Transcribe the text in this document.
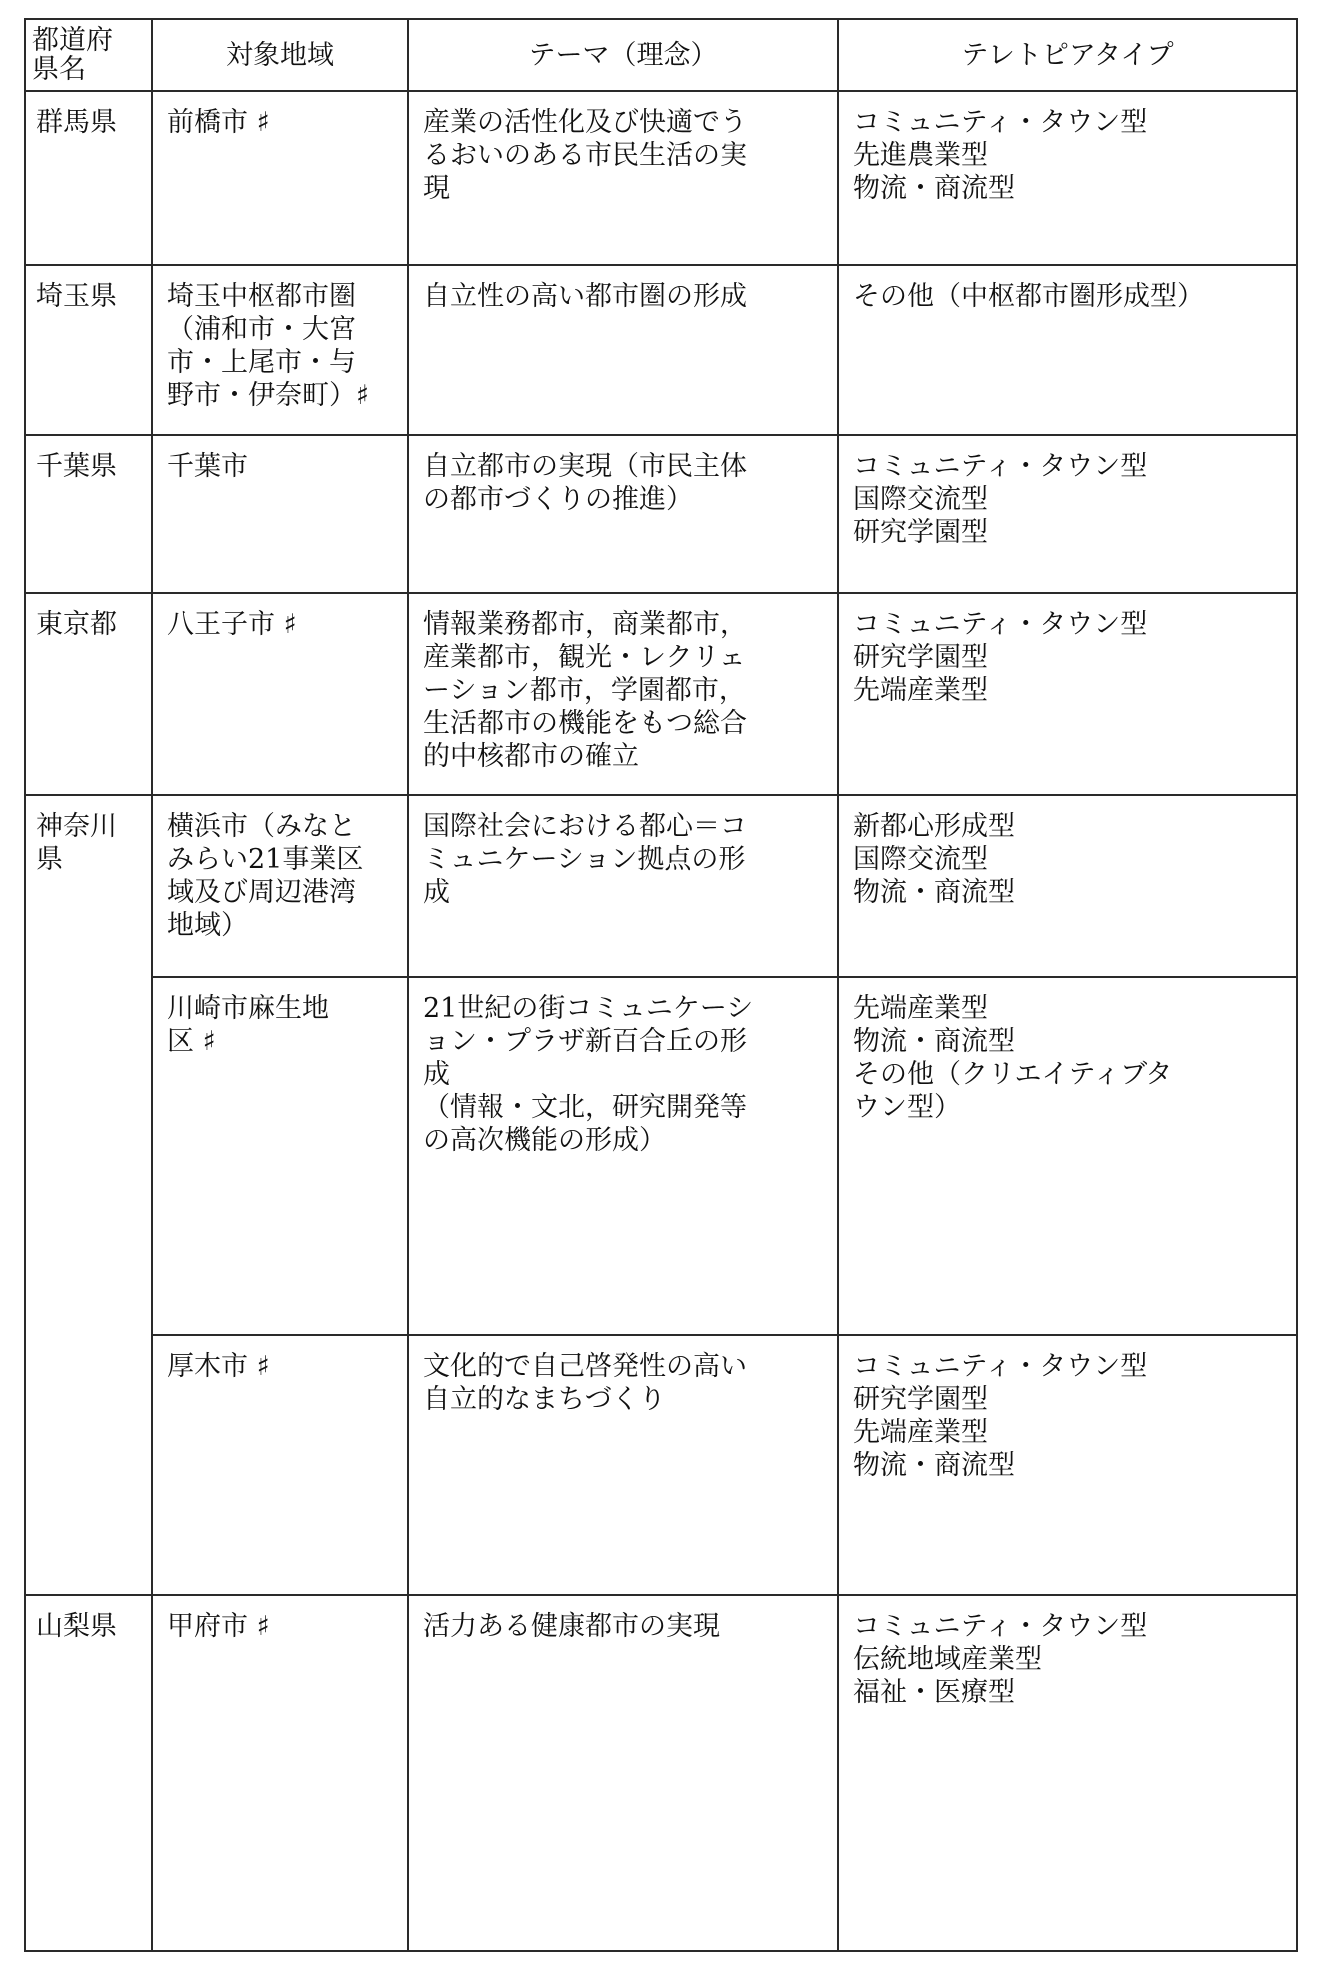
都道府
県名	対象地域	テーマ（理念）	テレトピアタイプ

群馬県	前橋市 ♯	産業の活性化及び快適でう
るおいのある市民生活の実
現	コミュニティ・タウン型
先進農業型
物流・商流型

埼玉県	埼玉中枢都市圏
（浦和市・大宮
市・上尾市・与
野市・伊奈町）♯	自立性の高い都市圏の形成	その他（中枢都市圏形成型）

千葉県	千葉市	自立都市の実現（市民主体
の都市づくりの推進）	コミュニティ・タウン型
国際交流型
研究学園型

東京都	八王子市 ♯	情報業務都市，商業都市，
産業都市，観光・レクリェ
ーション都市，学園都市，
生活都市の機能をもつ総合
的中核都市の確立	コミュニティ・タウン型
研究学園型
先端産業型

神奈川
県	横浜市（みなと
みらい21事業区
域及び周辺港湾
地域）	国際社会における都心＝コ
ミュニケーション拠点の形
成	新都心形成型
国際交流型
物流・商流型

	川崎市麻生地
区 ♯	21世紀の街コミュニケーシ
ョン・プラザ新百合丘の形
成
（情報・文北，研究開発等
の高次機能の形成）	先端産業型
物流・商流型
その他（クリエイティブタ
ウン型）

	厚木市 ♯	文化的で自己啓発性の高い
自立的なまちづくり	コミュニティ・タウン型
研究学園型
先端産業型
物流・商流型

山梨県	甲府市 ♯	活力ある健康都市の実現	コミュニティ・タウン型
伝統地域産業型
福祉・医療型
